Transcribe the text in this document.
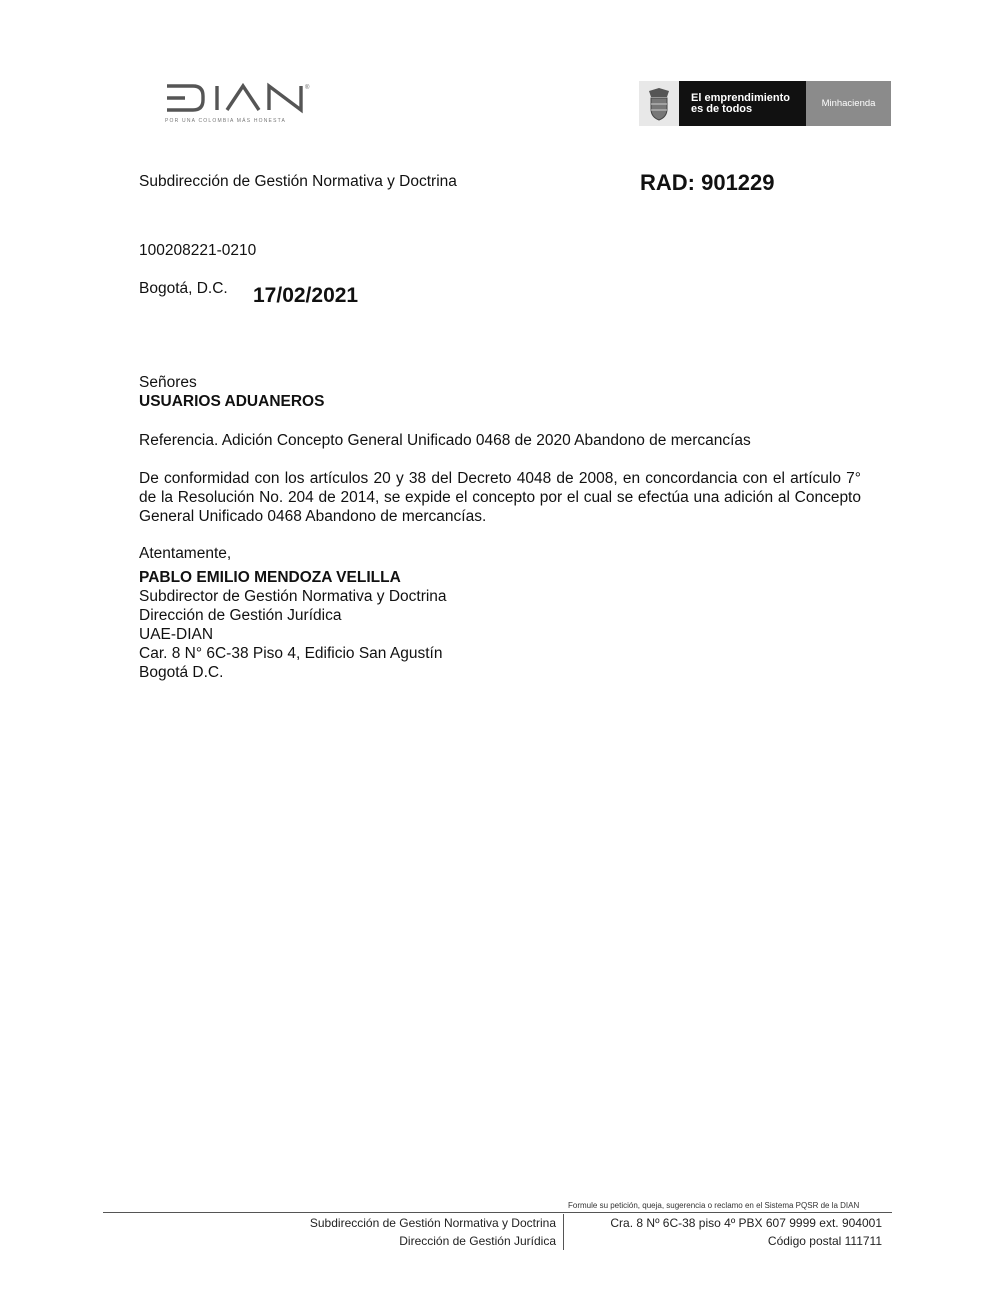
®
POR UNA COLOMBIA MÁS HONESTA
El emprendimiento
es de todos	Minhacienda
Subdirección de Gestión Normativa y Doctrina	RAD: 901229
100208221-0210
Bogotá, D.C. 17/02/2021
Señores
USUARIOS ADUANEROS
Referencia. Adición Concepto General Unificado 0468 de 2020 Abandono de mercancías
De conformidad con los artículos 20 y 38 del Decreto 4048 de 2008, en concordancia con el artículo 7° de la Resolución No. 204 de 2014, se expide el concepto por el cual se efectúa una adición al Concepto General Unificado 0468 Abandono de mercancías.
Atentamente,
PABLO EMILIO MENDOZA VELILLA
Subdirector de Gestión Normativa y Doctrina
Dirección de Gestión Jurídica
UAE-DIAN
Car. 8 N° 6C-38 Piso 4, Edificio San Agustín
Bogotá D.C.
Formule su petición, queja, sugerencia o reclamo en el Sistema PQSR de la DIAN
Subdirección de Gestión Normativa y Doctrina
Dirección de Gestión Jurídica
Cra. 8 Nº 6C-38 piso 4º PBX 607 9999 ext. 904001
Código postal 111711
